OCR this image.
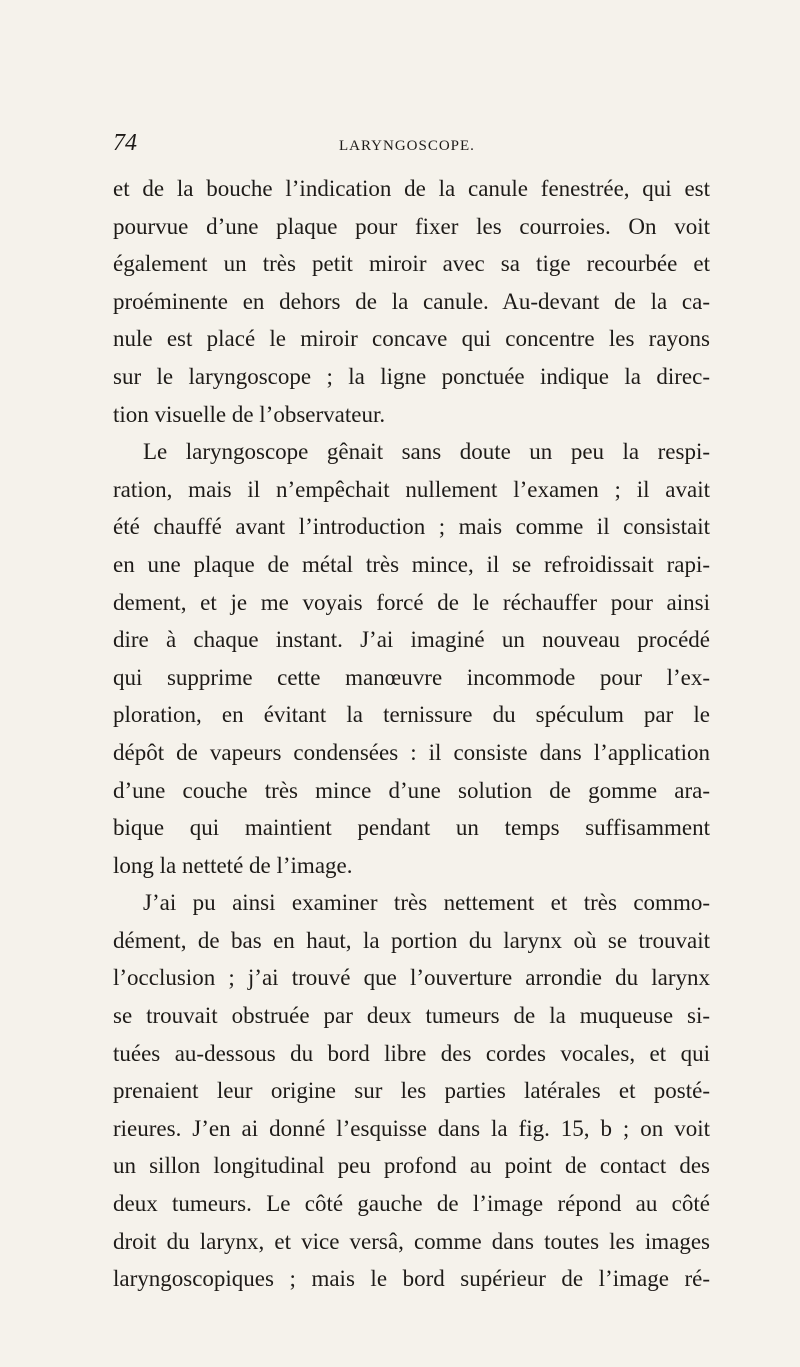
74	LARYNGOSCOPE.
et de la bouche l’indication de la canule fenestrée, qui est
pourvue d’une plaque pour fixer les courroies. On voit
également un très petit miroir avec sa tige recourbée et
proéminente en dehors de la canule. Au-devant de la ca-
nule est placé le miroir concave qui concentre les rayons
sur le laryngoscope ; la ligne ponctuée indique la direc-
tion visuelle de l’observateur.
Le laryngoscope gênait sans doute un peu la respi-
ration, mais il n’empêchait nullement l’examen ; il avait
été chauffé avant l’introduction ; mais comme il consistait
en une plaque de métal très mince, il se refroidissait rapi-
dement, et je me voyais forcé de le réchauffer pour ainsi
dire à chaque instant. J’ai imaginé un nouveau procédé
qui supprime cette manœuvre incommode pour l’ex-
ploration, en évitant la ternissure du spéculum par le
dépôt de vapeurs condensées : il consiste dans l’application
d’une couche très mince d’une solution de gomme ara-
bique qui maintient pendant un temps suffisamment
long la netteté de l’image.
J’ai pu ainsi examiner très nettement et très commo-
dément, de bas en haut, la portion du larynx où se trouvait
l’occlusion ; j’ai trouvé que l’ouverture arrondie du larynx
se trouvait obstruée par deux tumeurs de la muqueuse si-
tuées au-dessous du bord libre des cordes vocales, et qui
prenaient leur origine sur les parties latérales et posté-
rieures. J’en ai donné l’esquisse dans la fig. 15, b ; on voit
un sillon longitudinal peu profond au point de contact des
deux tumeurs. Le côté gauche de l’image répond au côté
droit du larynx, et vice versâ, comme dans toutes les images
laryngoscopiques ; mais le bord supérieur de l’image ré-
